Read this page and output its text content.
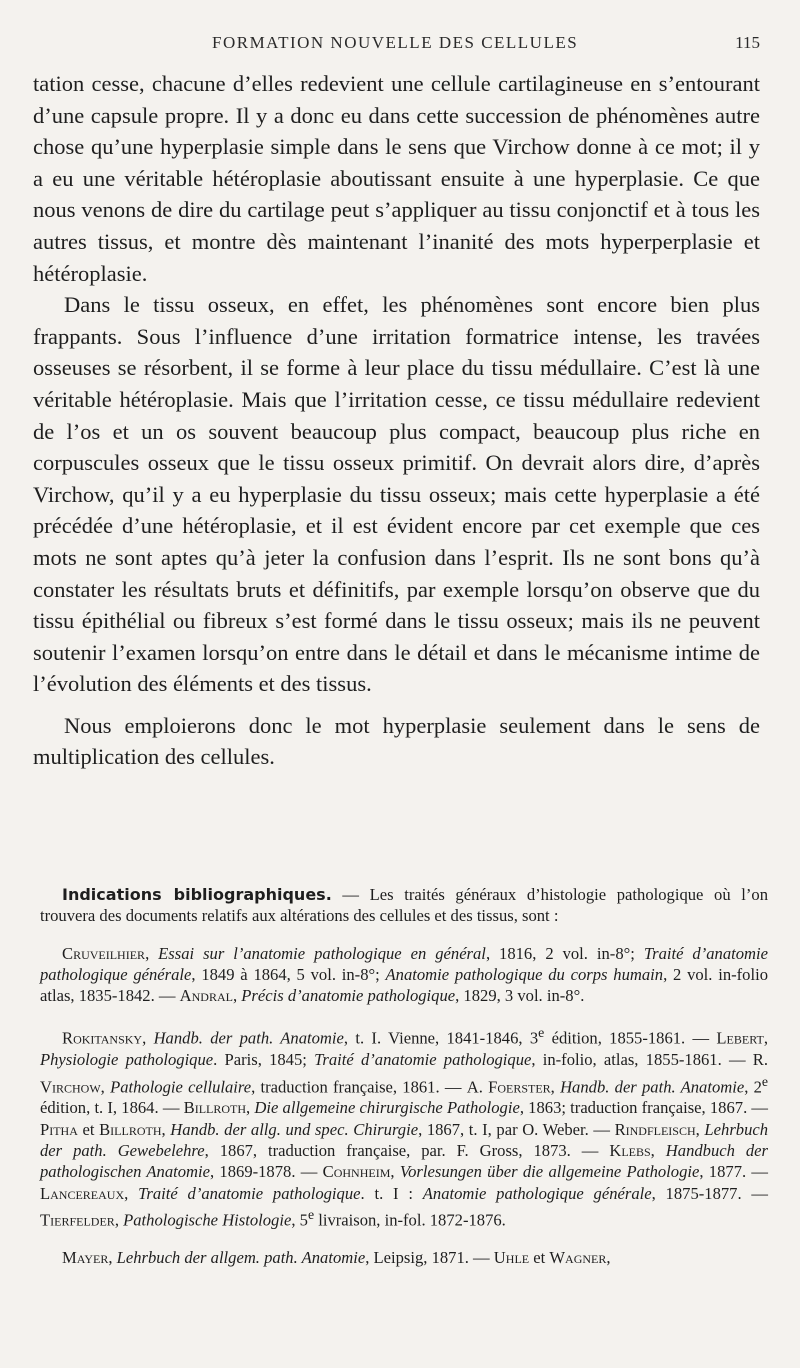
FORMATION NOUVELLE DES CELLULES	115

tation cesse, chacune d’elles redevient une cellule cartilagineuse en s’entourant d’une capsule propre. Il y a donc eu dans cette succession de phénomènes autre chose qu’une hyperplasie simple dans le sens que Virchow donne à ce mot; il y a eu une véritable hétéroplasie aboutissant ensuite à une hyperplasie. Ce que nous venons de dire du cartilage peut s’appliquer au tissu conjonctif et à tous les autres tissus, et montre dès maintenant l’inanité des mots hyperperplasie et hétéroplasie.

Dans le tissu osseux, en effet, les phénomènes sont encore bien plus frappants. Sous l’influence d’une irritation formatrice intense, les travées osseuses se résorbent, il se forme à leur place du tissu médullaire. C’est là une véritable hétéroplasie. Mais que l’irritation cesse, ce tissu médullaire redevient de l’os et un os souvent beaucoup plus compact, beaucoup plus riche en corpuscules osseux que le tissu osseux primitif. On devrait alors dire, d’après Virchow, qu’il y a eu hyperplasie du tissu osseux; mais cette hyperplasie a été précédée d’une hétéroplasie, et il est évident encore par cet exemple que ces mots ne sont aptes qu’à jeter la confusion dans l’esprit. Ils ne sont bons qu’à constater les résultats bruts et définitifs, par exemple lorsqu’on observe que du tissu épithélial ou fibreux s’est formé dans le tissu osseux; mais ils ne peuvent soutenir l’examen lorsqu’on entre dans le détail et dans le mécanisme intime de l’évolution des éléments et des tissus.

Nous emploierons donc le mot hyperplasie seulement dans le sens de multiplication des cellules.

Indications bibliographiques. — Les traités généraux d’histologie pathologique où l’on trouvera des documents relatifs aux altérations des cellules et des tissus, sont :

Cruveilhier, Essai sur l’anatomie pathologique en général, 1816, 2 vol. in-8°; Traité d’anatomie pathologique générale, 1849 à 1864, 5 vol. in-8°; Anatomie pathologique du corps humain, 2 vol. in-folio atlas, 1835-1842. — Andral, Précis d’anatomie pathologique, 1829, 3 vol. in-8°.

Rokitansky, Handb. der path. Anatomie, t. I. Vienne, 1841-1846, 3e édition, 1855-1861. — Lebert, Physiologie pathologique. Paris, 1845; Traité d’anatomie pathologique, in-folio, atlas, 1855-1861. — R. Virchow, Pathologie cellulaire, traduction française, 1861. — A. Foerster, Handb. der path. Anatomie, 2e édition, t. I, 1864. — Billroth, Die allgemeine chirurgische Pathologie, 1863; traduction française, 1867. — Pitha et Billroth, Handb. der allg. und spec. Chirurgie, 1867, t. I, par O. Weber. — Rindfleisch, Lehrbuch der path. Gewebelehre, 1867, traduction française, par. F. Gross, 1873. — Klebs, Handbuch der pathologischen Anatomie, 1869-1878. — Cohnheim, Vorlesungen über die allgemeine Pathologie, 1877. — Lancereaux, Traité d’anatomie pathologique. t. I : Anatomie pathologique générale, 1875-1877. — Tierfelder, Pathologische Histologie, 5e livraison, in-fol. 1872-1876.

Mayer, Lehrbuch der allgem. path. Anatomie, Leipsig, 1871. — Uhle et Wagner,
